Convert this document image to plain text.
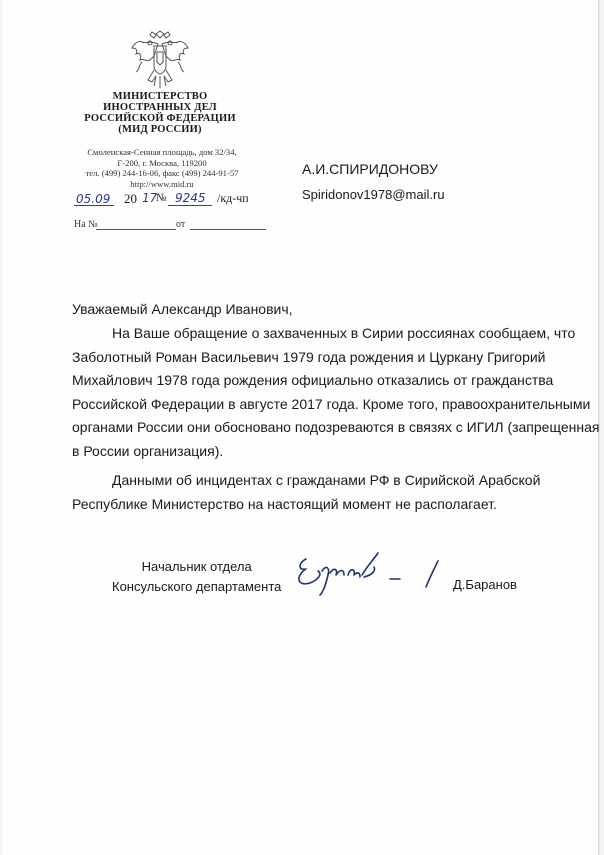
МИНИСТЕРСТВО
ИНОСТРАННЫХ ДЕЛ
РОССИЙСКОЙ ФЕДЕРАЦИИ
(МИД РОССИИ)
Смоленская-Сенная площадь, дом 32/34,
Г-200, г. Москва, 119200
тел. (499) 244-16-06, факс (499) 244-91-57
http://www.mid.ru
05.09 20 17
№ 9245 /кд-чп
На №	от
А.И.СПИРИДОНОВУ
Spiridonov1978@mail.ru
Уважаемый Александр Иванович,

На Ваше обращение о захваченных в Сирии россиянах сообщаем, что
Заболотный Роман Васильевич 1979 года рождения и Цуркану Григорий
Михайлович 1978 года рождения официально отказались от гражданства
Российской Федерации в августе 2017 года. Кроме того, правоохранительными
органами России они обосновано подозреваются в связях с ИГИЛ (запрещенная
в России организация).

Данными об инцидентах с гражданами РФ в Сирийской Арабской
Республике Министерство на настоящий момент не располагает.

Начальник отдела
Консульского департамента	Д.Баранов
